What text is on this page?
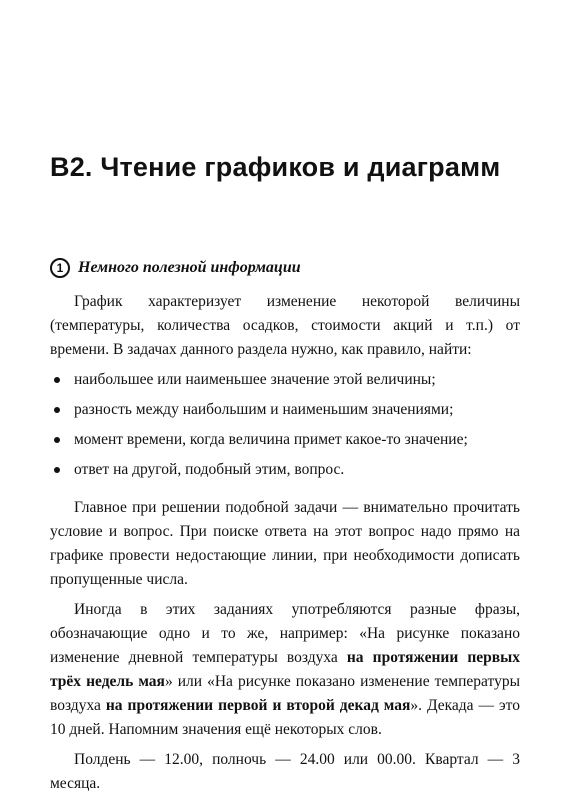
В2. Чтение графиков и диаграмм
1 Немного полезной информации

График характеризует изменение некоторой величины (температуры, количества осадков, стоимости акций и т.п.) от времени. В задачах данного раздела нужно, как правило, найти:

наибольшее или наименьшее значение этой величины;
разность между наибольшим и наименьшим значениями;
момент времени, когда величина примет какое-то значение;
ответ на другой, подобный этим, вопрос.

Главное при решении подобной задачи — внимательно прочитать условие и вопрос. При поиске ответа на этот вопрос надо прямо на графике провести недостающие линии, при необходимости дописать пропущенные числа.

Иногда в этих заданиях употребляются разные фразы, обозначающие одно и то же, например: «На рисунке показано изменение дневной температуры воздуха на протяжении первых трёх недель мая» или «На рисунке показано изменение температуры воздуха на протяжении первой и второй декад мая». Декада — это 10 дней. Напомним значения ещё некоторых слов.

Полдень — 12.00, полночь — 24.00 или 00.00. Квартал — 3 месяца.
